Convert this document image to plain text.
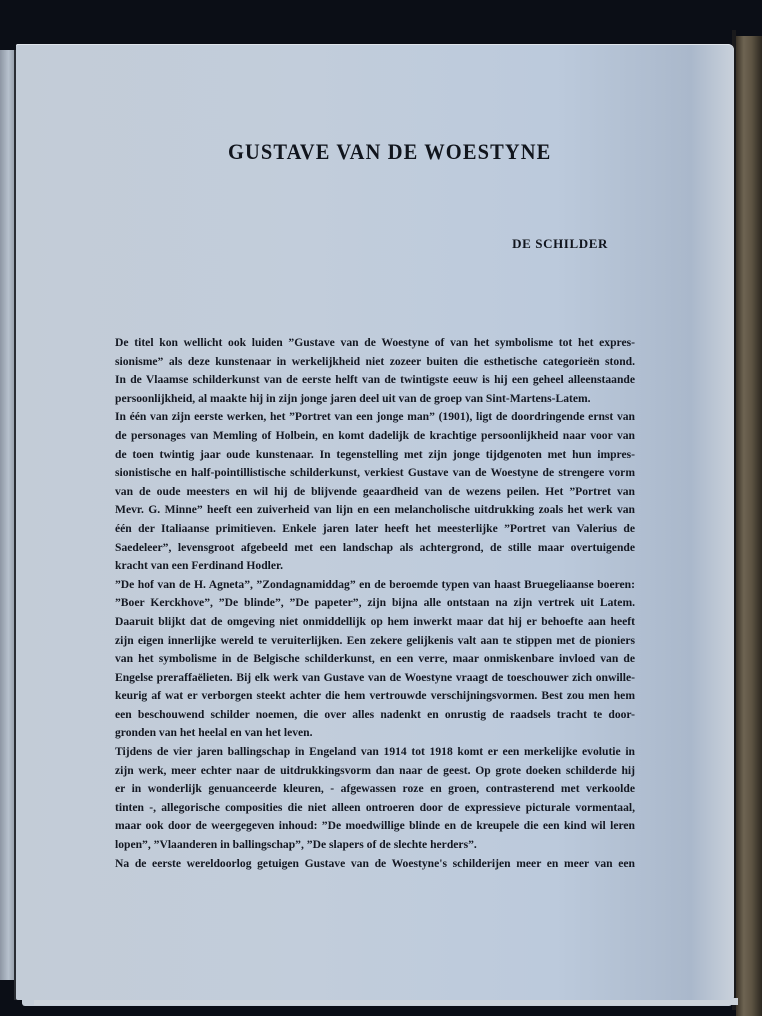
GUSTAVE VAN DE WOESTYNE
DE SCHILDER
De titel kon wellicht ook luiden ”Gustave van de Woestyne of van het symbolisme tot het expres-
sionisme” als deze kunstenaar in werkelijkheid niet zozeer buiten die esthetische categorieën stond.
In de Vlaamse schilderkunst van de eerste helft van de twintigste eeuw is hij een geheel alleenstaande
persoonlijkheid, al maakte hij in zijn jonge jaren deel uit van de groep van Sint-Martens-Latem.
In één van zijn eerste werken, het ”Portret van een jonge man” (1901), ligt de doordringende ernst van
de personages van Memling of Holbein, en komt dadelijk de krachtige persoonlijkheid naar voor van
de toen twintig jaar oude kunstenaar. In tegenstelling met zijn jonge tijdgenoten met hun impres-
sionistische en half-pointillistische schilderkunst, verkiest Gustave van de Woestyne de strengere vorm
van de oude meesters en wil hij de blijvende geaardheid van de wezens peilen. Het ”Portret van
Mevr. G. Minne” heeft een zuiverheid van lijn en een melancholische uitdrukking zoals het werk van
één der Italiaanse primitieven. Enkele jaren later heeft het meesterlijke ”Portret van Valerius de
Saedeleer”, levensgroot afgebeeld met een landschap als achtergrond, de stille maar overtuigende
kracht van een Ferdinand Hodler.
”De hof van de H. Agneta”, ”Zondagnamiddag” en de beroemde typen van haast Bruegeliaanse boeren:
”Boer Kerckhove”, ”De blinde”, ”De papeter”, zijn bijna alle ontstaan na zijn vertrek uit Latem.
Daaruit blijkt dat de omgeving niet onmiddellijk op hem inwerkt maar dat hij er behoefte aan heeft
zijn eigen innerlijke wereld te veruiterlijken. Een zekere gelijkenis valt aan te stippen met de pioniers
van het symbolisme in de Belgische schilderkunst, en een verre, maar onmiskenbare invloed van de
Engelse preraffaëlieten. Bij elk werk van Gustave van de Woestyne vraagt de toeschouwer zich onwille-
keurig af wat er verborgen steekt achter die hem vertrouwde verschijningsvormen. Best zou men hem
een beschouwend schilder noemen, die over alles nadenkt en onrustig de raadsels tracht te door-
gronden van het heelal en van het leven.
Tijdens de vier jaren ballingschap in Engeland van 1914 tot 1918 komt er een merkelijke evolutie in
zijn werk, meer echter naar de uitdrukkingsvorm dan naar de geest. Op grote doeken schilderde hij
er in wonderlijk genuanceerde kleuren, - afgewassen roze en groen, contrasterend met verkoolde
tinten -, allegorische composities die niet alleen ontroeren door de expressieve picturale vormentaal,
maar ook door de weergegeven inhoud: ”De moedwillige blinde en de kreupele die een kind wil leren
lopen”, ”Vlaanderen in ballingschap”, ”De slapers of de slechte herders”.
Na de eerste wereldoorlog getuigen Gustave van de Woestyne's schilderijen meer en meer van een
